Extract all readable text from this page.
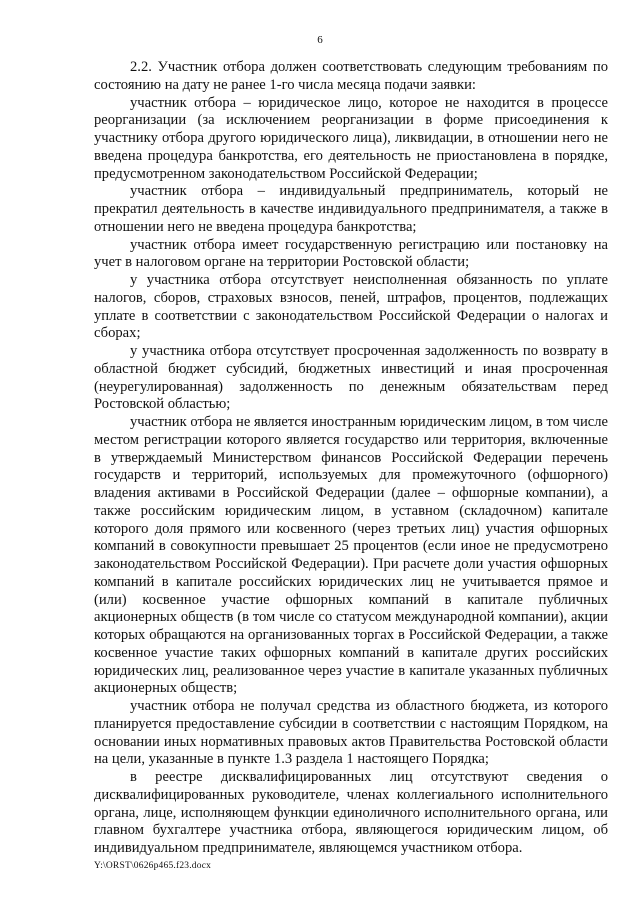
6

2.2. Участник отбора должен соответствовать следующим требованиям по состоянию на дату не ранее 1-го числа месяца подачи заявки:

участник отбора – юридическое лицо, которое не находится в процессе реорганизации (за исключением реорганизации в форме присоединения к участнику отбора другого юридического лица), ликвидации, в отношении него не введена процедура банкротства, его деятельность не приостановлена в порядке, предусмотренном законодательством Российской Федерации;

участник отбора – индивидуальный предприниматель, который не прекратил деятельность в качестве индивидуального предпринимателя, а также в отношении него не введена процедура банкротства;

участник отбора имеет государственную регистрацию или постановку на учет в налоговом органе на территории Ростовской области;

у участника отбора отсутствует неисполненная обязанность по уплате налогов, сборов, страховых взносов, пеней, штрафов, процентов, подлежащих уплате в соответствии с законодательством Российской Федерации о налогах и сборах;

у участника отбора отсутствует просроченная задолженность по возврату в областной бюджет субсидий, бюджетных инвестиций и иная просроченная (неурегулированная) задолженность по денежным обязательствам перед Ростовской областью;

участник отбора не является иностранным юридическим лицом, в том числе местом регистрации которого является государство или территория, включенные в утверждаемый Министерством финансов Российской Федерации перечень государств и территорий, используемых для промежуточного (офшорного) владения активами в Российской Федерации (далее – офшорные компании), а также российским юридическим лицом, в уставном (складочном) капитале которого доля прямого или косвенного (через третьих лиц) участия офшорных компаний в совокупности превышает 25 процентов (если иное не предусмотрено законодательством Российской Федерации). При расчете доли участия офшорных компаний в капитале российских юридических лиц не учитывается прямое и (или) косвенное участие офшорных компаний в капитале публичных акционерных обществ (в том числе со статусом международной компании), акции которых обращаются на организованных торгах в Российской Федерации, а также косвенное участие таких офшорных компаний в капитале других российских юридических лиц, реализованное через участие в капитале указанных публичных акционерных обществ;

участник отбора не получал средства из областного бюджета, из которого планируется предоставление субсидии в соответствии с настоящим Порядком, на основании иных нормативных правовых актов Правительства Ростовской области на цели, указанные в пункте 1.3 раздела 1 настоящего Порядка;

в реестре дисквалифицированных лиц отсутствуют сведения о дисквалифицированных руководителе, членах коллегиального исполнительного органа, лице, исполняющем функции единоличного исполнительного органа, или главном бухгалтере участника отбора, являющегося юридическим лицом, об индивидуальном предпринимателе, являющемся участником отбора.

Y:\ORST\0626p465.f23.docx
